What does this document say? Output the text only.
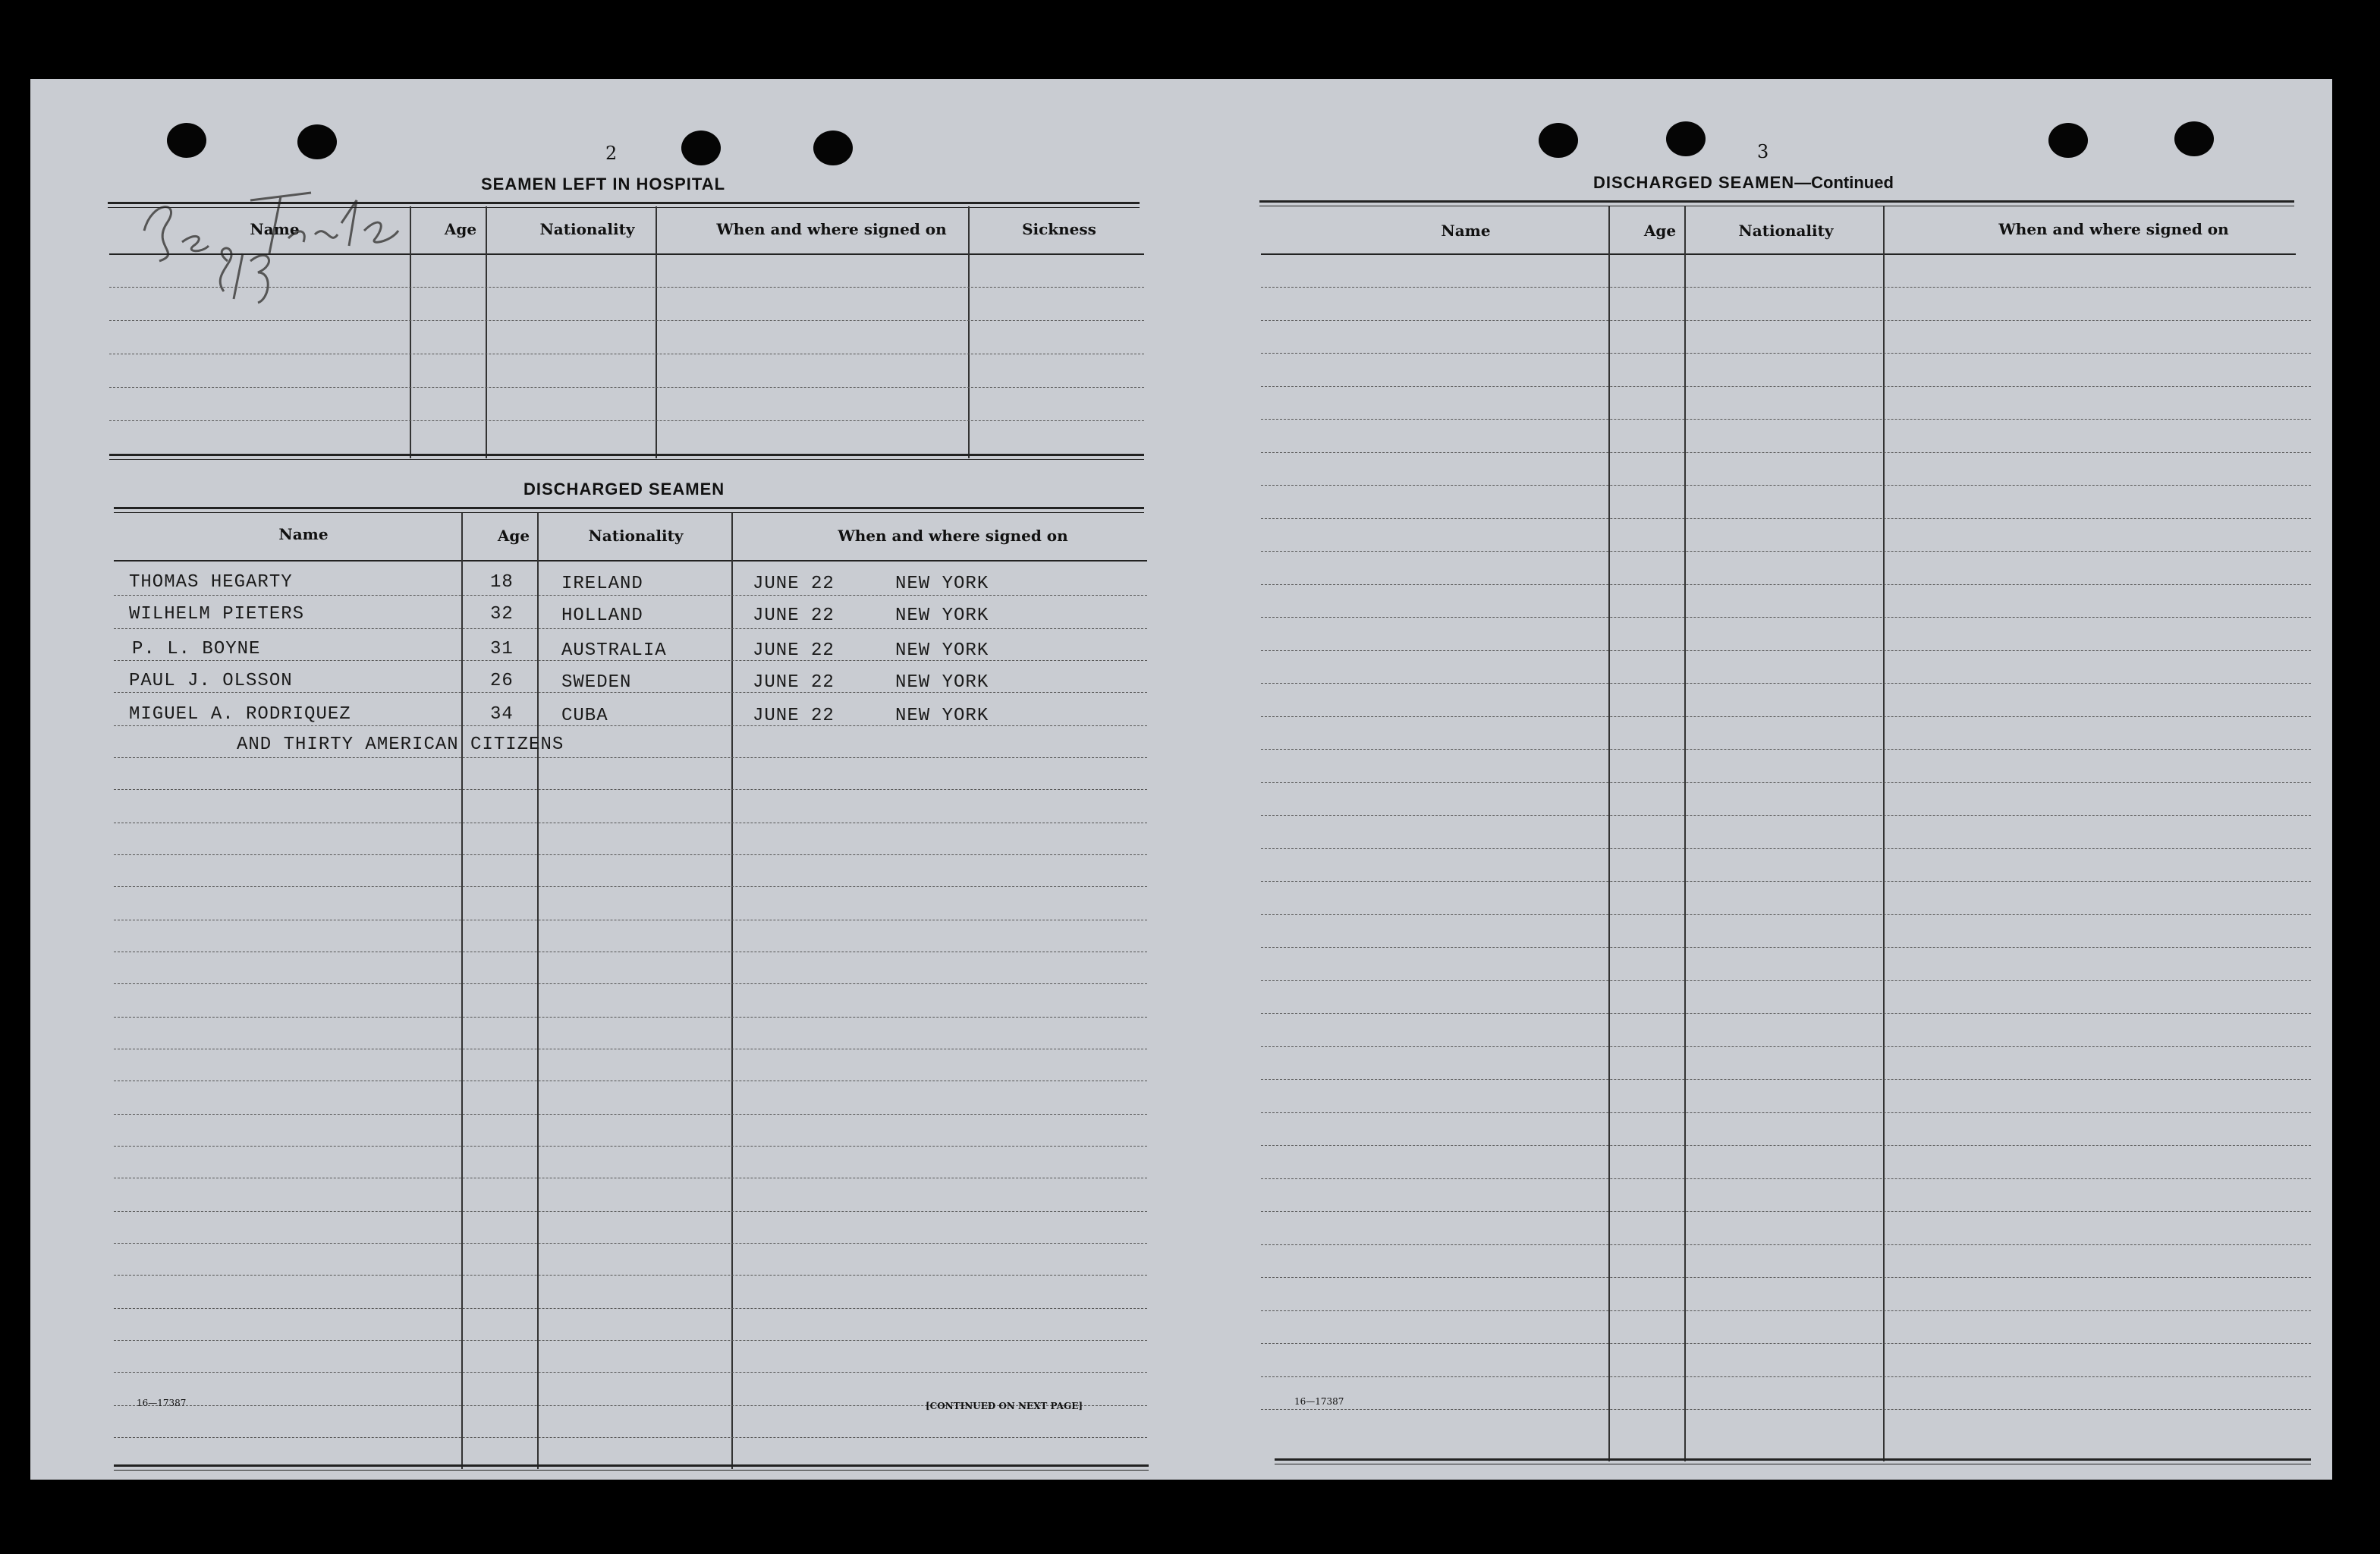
2
SEAMEN LEFT IN HOSPITAL
Name	Age	Nationality	When and where signed on	Sickness
DISCHARGED SEAMEN
Name	Age	Nationality	When and where signed on
THOMAS HEGARTY	18	IRELAND	JUNE 22	NEW YORK
WILHELM PIETERS	32	HOLLAND	JUNE 22	NEW YORK
P. L. BOYNE	31	AUSTRALIA	JUNE 22	NEW YORK
PAUL J. OLSSON	26	SWEDEN	JUNE 22	NEW YORK
MIGUEL A. RODRIQUEZ	34	CUBA	JUNE 22	NEW YORK
AND THIRTY AMERICAN CITIZENS
16—17387	[CONTINUED ON NEXT PAGE]
3
DISCHARGED SEAMEN—Continued
Name	Age	Nationality	When and where signed on
16—17387
